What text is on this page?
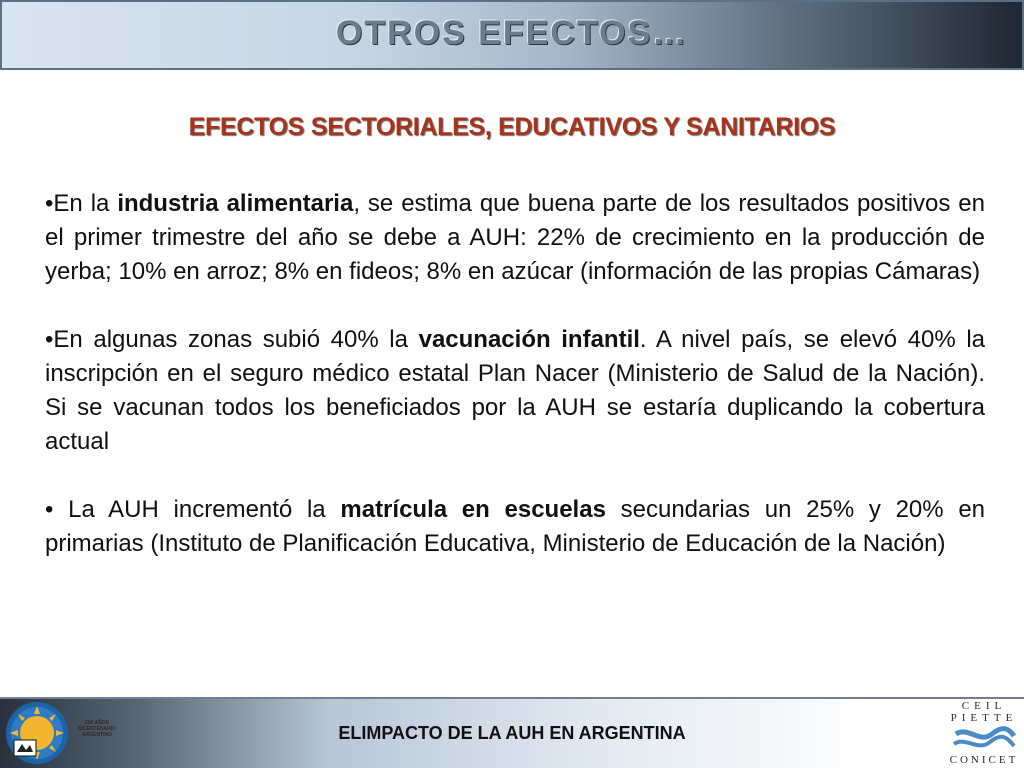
OTROS EFECTOS…
EFECTOS SECTORIALES, EDUCATIVOS Y SANITARIOS

•En la industria alimentaria, se estima que buena parte de los resultados positivos en el primer trimestre del año se debe a AUH: 22% de crecimiento en la producción de yerba; 10% en arroz; 8% en fideos; 8% en azúcar (información de las propias Cámaras)

•En algunas zonas subió 40% la vacunación infantil. A nivel país, se elevó 40% la inscripción en el seguro médico estatal Plan Nacer (Ministerio de Salud de la Nación). Si se vacunan todos los beneficiados por la AUH se estaría duplicando la cobertura actual

• La AUH incrementó la matrícula en escuelas secundarias un 25% y 20% en primarias (Instituto de Planificación Educativa, Ministerio de Educación de la Nación)

ELIMPACTO DE LA AUH EN ARGENTINA
200 AÑOS BICENTENARIO ARGENTINO
CEIL
PIETTE
CONICET
